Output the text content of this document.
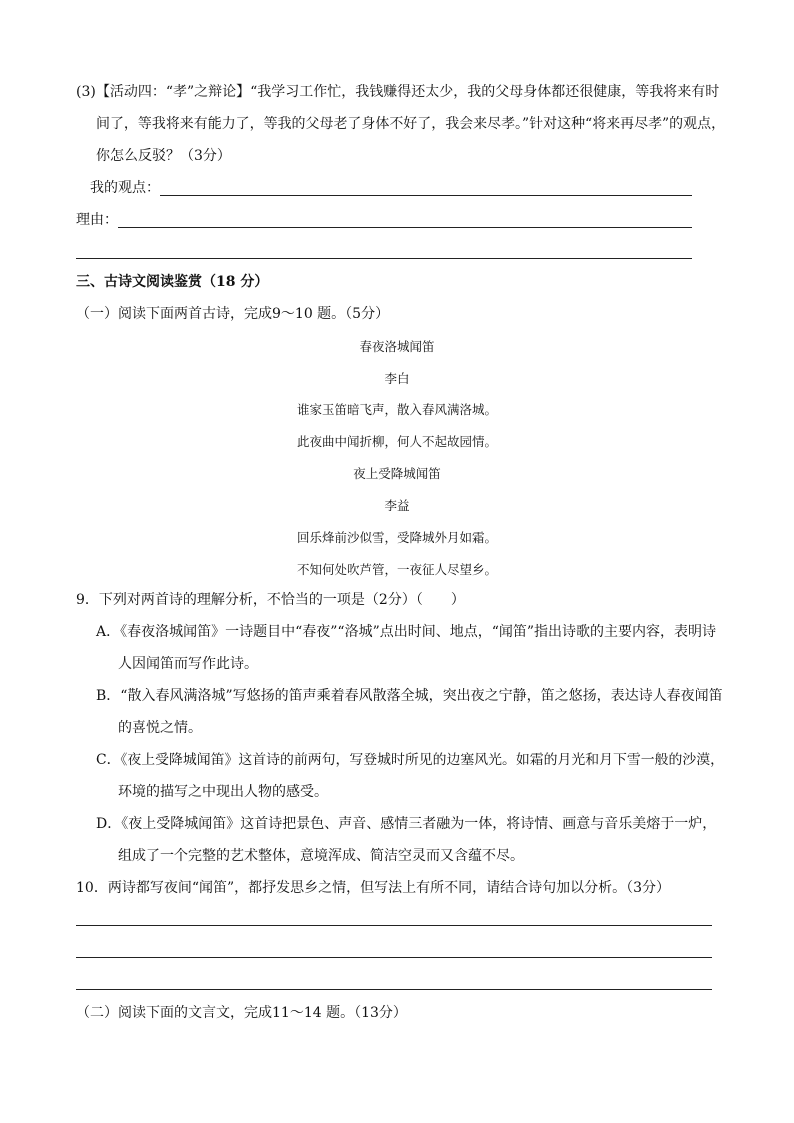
(3)【活动四：“孝”之辩论】“我学习工作忙，我钱赚得还太少，我的父母身体都还很健康，等我将来有时
间了，等我将来有能力了，等我的父母老了身体不好了，我会来尽孝。”针对这种“将来再尽孝”的观点，
你怎么反驳？（3分）
我的观点：
理由：
三、古诗文阅读鉴赏（18 分）
（一）阅读下面两首古诗，完成9～10 题。（5分）
春夜洛城闻笛
李白
谁家玉笛暗飞声，散入春风满洛城。
此夜曲中闻折柳，何人不起故园情。
夜上受降城闻笛
李益
回乐烽前沙似雪，受降城外月如霜。
不知何处吹芦管，一夜征人尽望乡。
9．下列对两首诗的理解分析，不恰当的一项是（2分）（　　）
A．《春夜洛城闻笛》一诗题目中“春夜”“洛城”点出时间、地点，“闻笛”指出诗歌的主要内容，表明诗
人因闻笛而写作此诗。
B．“散入春风满洛城”写悠扬的笛声乘着春风散落全城，突出夜之宁静，笛之悠扬，表达诗人春夜闻笛
的喜悦之情。
C．《夜上受降城闻笛》这首诗的前两句，写登城时所见的边塞风光。如霜的月光和月下雪一般的沙漠，
环境的描写之中现出人物的感受。
D．《夜上受降城闻笛》这首诗把景色、声音、感情三者融为一体，将诗情、画意与音乐美熔于一炉，
组成了一个完整的艺术整体，意境浑成、简洁空灵而又含蕴不尽。
10．两诗都写夜间“闻笛”，都抒发思乡之情，但写法上有所不同，请结合诗句加以分析。（3分）
（二）阅读下面的文言文，完成11～14 题。（13分）
